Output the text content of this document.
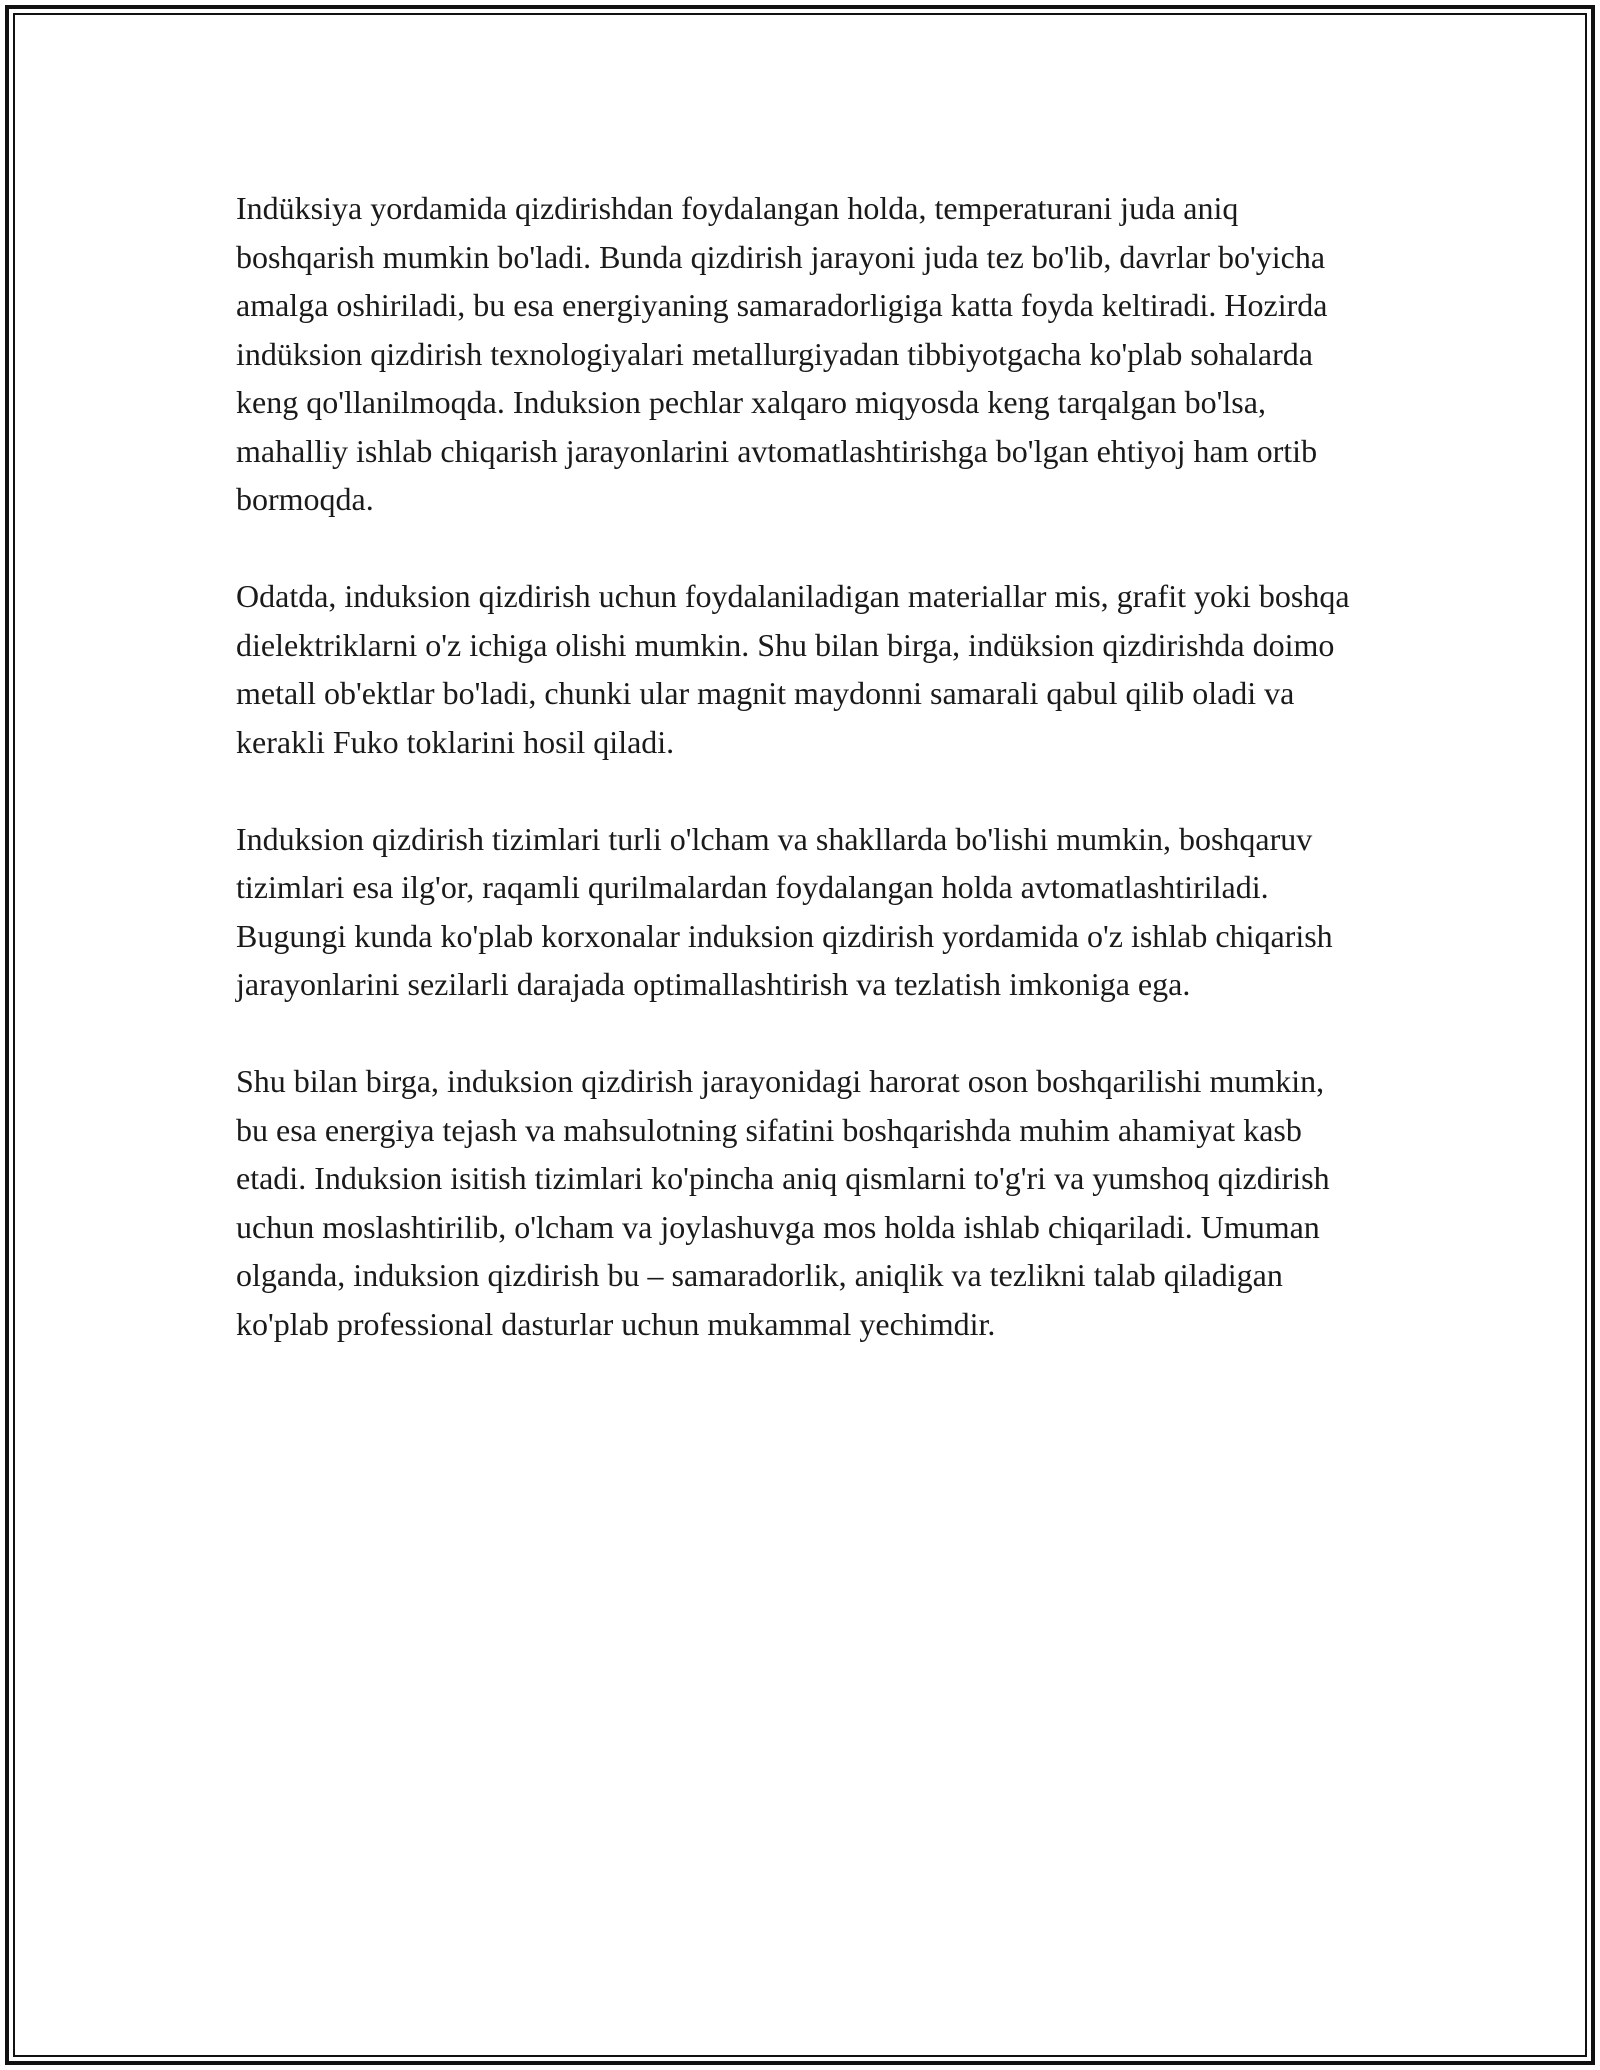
Indüksiya yordamida qizdirishdan foydalangan holda, temperaturani juda aniq boshqarish mumkin bo'ladi. Bunda qizdirish jarayoni juda tez bo'lib, davrlar bo'yicha amalga oshiriladi, bu esa energiyaning samaradorligiga katta foyda keltiradi. Hozirda indüksion qizdirish texnologiyalari metallurgiyadan tibbiyotgacha ko'plab sohalarda keng qo'llanilmoqda. Induksion pechlar xalqaro miqyosda keng tarqalgan bo'lsa, mahalliy ishlab chiqarish jarayonlarini avtomatlashtirishga bo'lgan ehtiyoj ham ortib bormoqda.

Odatda, induksion qizdirish uchun foydalaniladigan materiallar mis, grafit yoki boshqa dielektriklarni o'z ichiga olishi mumkin. Shu bilan birga, indüksion qizdirishda doimo metall ob'ektlar bo'ladi, chunki ular magnit maydonni samarali qabul qilib oladi va kerakli Fuko toklarini hosil qiladi.

Induksion qizdirish tizimlari turli o'lcham va shakllarda bo'lishi mumkin, boshqaruv tizimlari esa ilg'or, raqamli qurilmalardan foydalangan holda avtomatlashtiriladi. Bugungi kunda ko'plab korxonalar induksion qizdirish yordamida o'z ishlab chiqarish jarayonlarini sezilarli darajada optimallashtirish va tezlatish imkoniga ega.

Shu bilan birga, induksion qizdirish jarayonidagi harorat oson boshqarilishi mumkin, bu esa energiya tejash va mahsulotning sifatini boshqarishda muhim ahamiyat kasb etadi. Induksion isitish tizimlari ko'pincha aniq qismlarni to'g'ri va yumshoq qizdirish uchun moslashtirilib, o'lcham va joylashuvga mos holda ishlab chiqariladi. Umuman olganda, induksion qizdirish bu – samaradorlik, aniqlik va tezlikni talab qiladigan ko'plab professional dasturlar uchun mukammal yechimdir.
